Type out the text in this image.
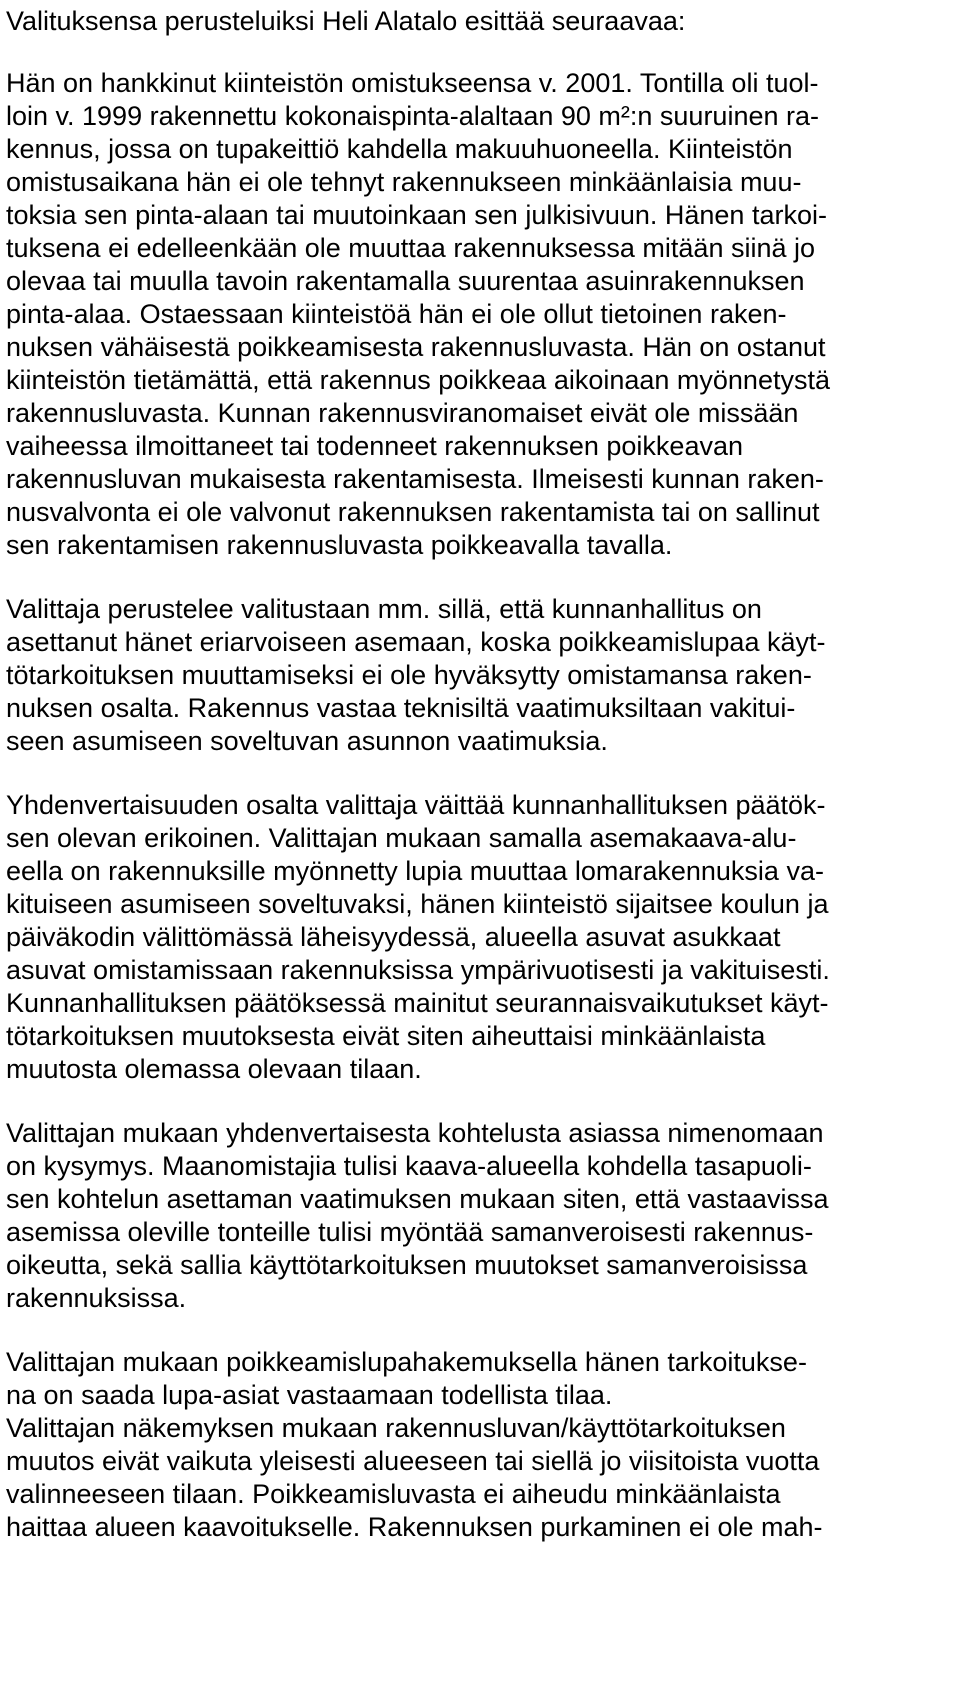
Valituksensa perusteluiksi Heli Alatalo esittää seuraavaa:
Hän on hankkinut kiinteistön omistukseensa v. 2001. Tontilla oli tuol-
loin v. 1999 rakennettu kokonaispinta-alaltaan 90 m²:n suuruinen ra-
kennus, jossa on tupakeittiö kahdella makuuhuoneella. Kiinteistön
omistusaikana hän ei ole tehnyt rakennukseen minkäänlaisia muu-
toksia sen pinta-alaan tai muutoinkaan sen julkisivuun. Hänen tarkoi-
tuksena ei edelleenkään ole muuttaa rakennuksessa mitään siinä jo
olevaa tai muulla tavoin rakentamalla suurentaa asuinrakennuksen
pinta-alaa. Ostaessaan kiinteistöä hän ei ole ollut tietoinen raken-
nuksen vähäisestä poikkeamisesta rakennusluvasta. Hän on ostanut
kiinteistön tietämättä, että rakennus poikkeaa aikoinaan myönnetystä
rakennusluvasta. Kunnan rakennusviranomaiset eivät ole missään
vaiheessa ilmoittaneet tai todenneet rakennuksen poikkeavan
rakennusluvan mukaisesta rakentamisesta. Ilmeisesti kunnan raken-
nusvalvonta ei ole valvonut rakennuksen rakentamista tai on sallinut
sen rakentamisen rakennusluvasta poikkeavalla tavalla.
Valittaja perustelee valitustaan mm. sillä, että kunnanhallitus on
asettanut hänet eriarvoiseen asemaan, koska poikkeamislupaa käyt-
tötarkoituksen muuttamiseksi ei ole hyväksytty omistamansa raken-
nuksen osalta. Rakennus vastaa teknisiltä vaatimuksiltaan vakitui-
seen asumiseen soveltuvan asunnon vaatimuksia.
Yhdenvertaisuuden osalta valittaja väittää kunnanhallituksen päätök-
sen olevan erikoinen. Valittajan mukaan samalla asemakaava-alu-
eella on rakennuksille myönnetty lupia muuttaa lomarakennuksia va-
kituiseen asumiseen soveltuvaksi, hänen kiinteistö sijaitsee koulun ja
päiväkodin välittömässä läheisyydessä, alueella asuvat asukkaat
asuvat omistamissaan rakennuksissa ympärivuotisesti ja vakituisesti.
Kunnanhallituksen päätöksessä mainitut seurannaisvaikutukset käyt-
tötarkoituksen muutoksesta eivät siten aiheuttaisi minkäänlaista
muutosta olemassa olevaan tilaan.
Valittajan mukaan yhdenvertaisesta kohtelusta asiassa nimenomaan
on kysymys. Maanomistajia tulisi kaava-alueella kohdella tasapuoli-
sen kohtelun asettaman vaatimuksen mukaan siten, että vastaavissa
asemissa oleville tonteille tulisi myöntää samanveroisesti rakennus-
oikeutta, sekä sallia käyttötarkoituksen muutokset samanveroisissa
rakennuksissa.
Valittajan mukaan poikkeamislupahakemuksella hänen tarkoitukse-
na on saada lupa-asiat vastaamaan todellista tilaa.
Valittajan näkemyksen mukaan rakennusluvan/käyttötarkoituksen
muutos eivät vaikuta yleisesti alueeseen tai siellä jo viisitoista vuotta
valinneeseen tilaan. Poikkeamisluvasta ei aiheudu minkäänlaista
haittaa alueen kaavoitukselle. Rakennuksen purkaminen ei ole mah-
